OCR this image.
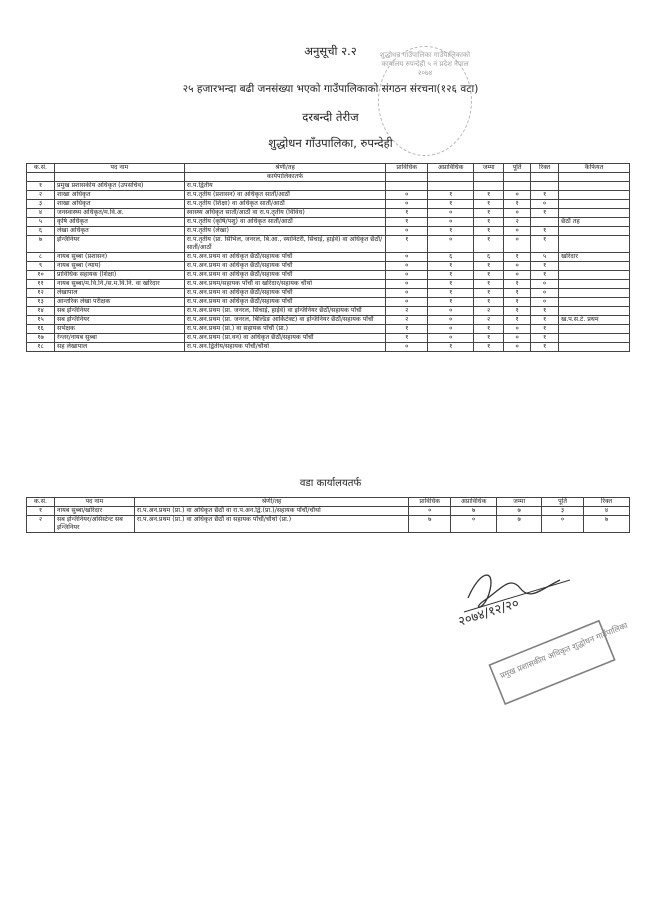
अनुसूची २.२
२५ हजारभन्दा बढी जनसंख्या भएको गाउँपालिकाको संगठन संरचना(१२६ वटा)
दरबन्दी तेरीज
शुद्धोधन गाँउपालिका, रुपन्देही
शुद्धोधन गाउँपालिका गाउँपालिकाको कार्यालय रुपन्देही ५ नं प्रदेश नेपाल २०७४
क.सं.	पद नाम	श्रेणी/तह	प्राविधिक	अप्राविधिक	जम्मा	पूर्ति	रिक्त	कैफियत
		कार्यपालिकातर्फ						
१	प्रमुख प्रशासकीय अधिकृत (उपसचिव)	रा.प.द्वितीय						
२	शाखा अधिकृत	रा.प.तृतीय (प्रशासन) वा अधिकृत सातौं/आठौं	०	१	१	०	१	
३	शाखा अधिकृत	रा.प.तृतीय (शिक्षा) वा अधिकृत सातौं/आठौं	०	१	१	१	०	
४	जनस्वास्थ्य अधिकृत/म.वि.अ.	स्वास्थ्य अधिकृत सातौं/आठौं वा रा.प.तृतीय (विविध)	१	०	१	०	१	
५	कृषि अधिकृत	रा.प.तृतीय (कृषि/पशु) वा अधिकृत सातौं/आठौं	१	०	१	२		छैठौं तह
६	लेखा अधिकृत	रा.प.तृतीय (लेखा)	०	१	१	०	१	
७	इन्जिनियर	रा.प.तृतीय (प्रा. सिभिल, जनरल, बि.आ., स्यानिटरी, सिंचाई, हाईवे) वा अधिकृत छैठौं/सातौं/आठौं	१	०	१	०	१	
८	नायब सुब्बा (प्रशासन)	रा.प.अन.प्रथम वा अधिकृत छैठौं/सहायक पाँचौं	०	६	६	१	५	खरिदार
९	नायब सुब्बा (न्याय)	रा.प.अन.प्रथम वा अधिकृत छैठौं/सहायक पाँचौं	०	१	१	०	१	
१०	प्राविधिक सहायक (शिक्षा)	रा.प.अन.प्रथम वा अधिकृत छैठौं/सहायक पाँचौं	०	१	१	०	१	
११	नायब सुब्बा/म.वि.नि./स.म.वि.नि. वा खरिदार	रा.प.अन.प्रथम/सहायक पाँचौं वा खरिदार/सहायक चौथो	०	१	१	१	०	
१२	लेखापाल	रा.प.अन.प्रथम वा अधिकृत छैठौं/सहायक पाँचौं	०	१	१	१	०	
१३	आन्तरिक लेखा परीक्षक	रा.प.अन.प्रथम वा अधिकृत छैठौं/सहायक पाँचौं	०	१	१	१	०	
१४	सब इन्जिनियर	रा.प.अन.प्रथम (प्रा. जनरल, सिंचाई, हाईवे) वा इन्जिनियर छैठौं/सहायक पाँचौं	२	०	२	१	१	
१५	सब इन्जिनियर	रा.प.अन.प्रथम (प्रा. जनरल, बिल्डिङ आर्किटेक्ट) वा इन्जिनियर छैठौं/सहायक पाँचौं	२	०	२	१	१	ख.प.स.टे. प्रथम
१६	सर्भेक्षक	रा.प.अन.प्रथम (प्रा.) वा सहायक पाँचौं (प्रा.)	१	०	१	०	१	
१७	रेन्जर/नायब सुब्बा	रा.प.अन.प्रथम (प्रा.वन) वा अधिकृत छैठौं/सहायक पाँचौं	१	०	१	०	१	
१८	सह लेखापाल	रा.प.अन.द्वितीय/सहायक पाँचौं/चौथो	०	१	१	०	१	
वडा कार्यालयतर्फ
क.सं.	पद नाम	श्रेणी/तह	प्राविधिक	अप्राविधिक	जम्मा	पूर्ति	रिक्त
१	नायब सुब्बा/खरिदार	रा.प.अन.प्रथम (प्रा.) वा अधिकृत छैठौं वा रा.प.अन.द्वि.(प्रा.)/सहायक पाँचौं/चौथो	०	७	७	३	४
२	सब इन्जिनियर/असिस्टेन्ट सब इन्जिनियर	रा.प.अन.प्रथम (प्रा.) वा अधिकृत छैठौं वा सहायक पाँचौं/चौथो (प्रा.)	७	०	७	०	७
२०७४/१२/२०
प्रमुख प्रशासकीय अधिकृत शुद्धोधन गाउँपालिका
